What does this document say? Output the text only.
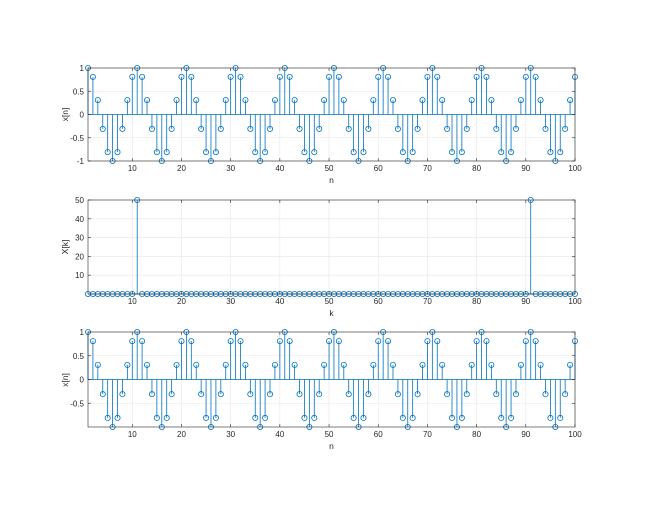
10	20	30	40	50	60	70	80	90	100
-1
-0.5
0
0.5
1
n
x[n]
10	20	30	40	50	60	70	80	90	100
10
20
30
40
50
k
X[k]
10	20	30	40	50	60	70	80	90	100
-0.5
0
0.5
1
n
x[n]
